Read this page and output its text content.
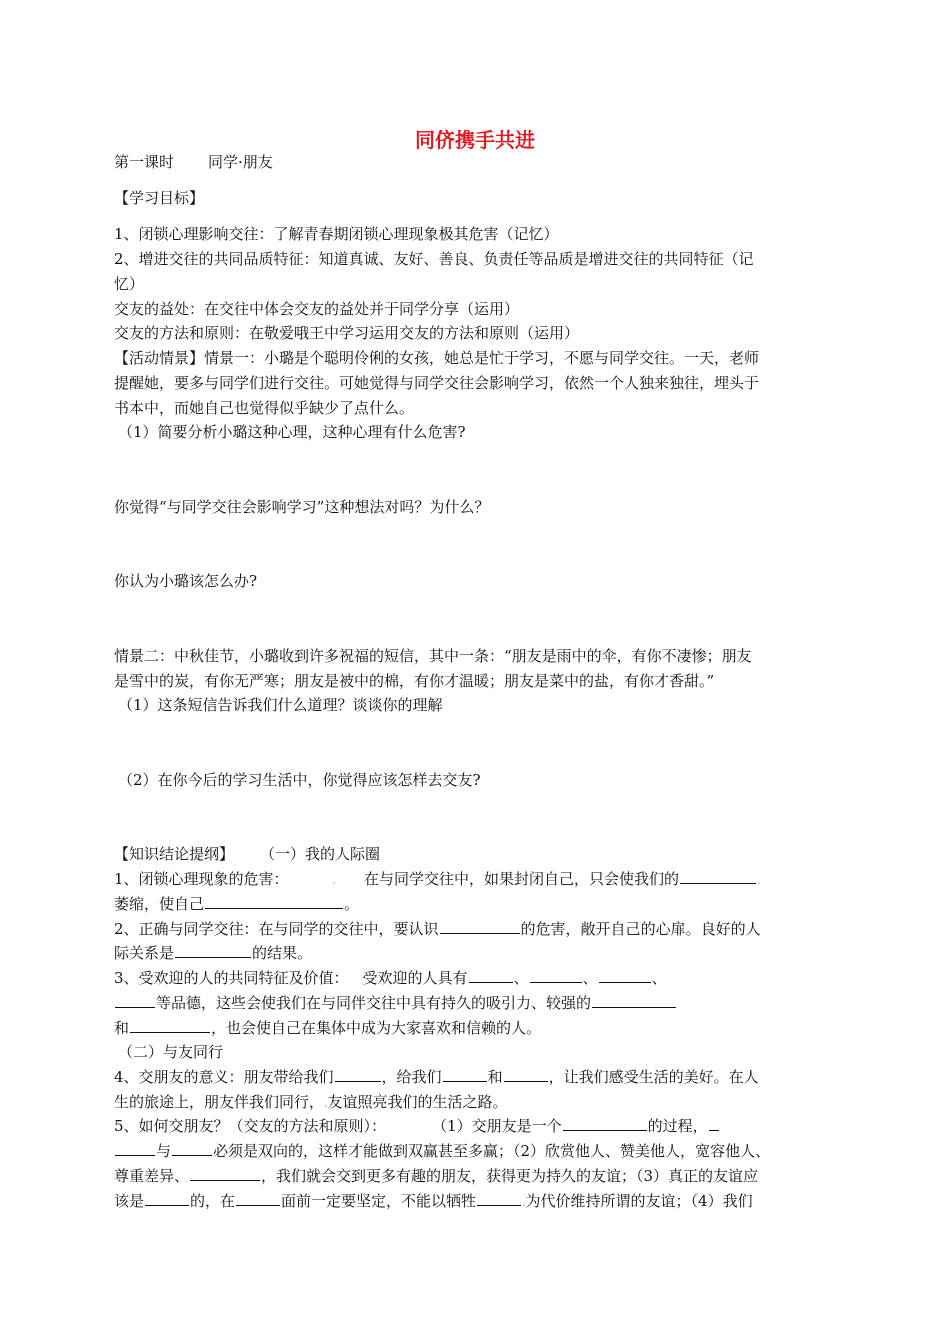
同侪携手共进
第一课时 同学·朋友
【学习目标】
1、闭锁心理影响交往：了解青春期闭锁心理现象极其危害（记忆）
2、增进交往的共同品质特征：知道真诚、友好、善良、负责任等品质是增进交往的共同特征（记
忆）
交友的益处：在交往中体会交友的益处并于同学分享（运用）
交友的方法和原则：在敬爱哦王中学习运用交友的方法和原则（运用）
【活动情景】情景一：小璐是个聪明伶俐的女孩，她总是忙于学习，不愿与同学交往。一天，老师
提醒她，要多与同学们进行交往。可她觉得与同学交往会影响学习，依然一个人独来独往，埋头于
书本中，而她自己也觉得似乎缺少了点什么。
（1）简要分析小璐这种心理，这种心理有什么危害?
你觉得“与同学交往会影响学习”这种想法对吗？为什么？
你认为小璐该怎么办?
情景二：中秋佳节，小璐收到许多祝福的短信，其中一条：“朋友是雨中的伞，有你不凄惨；朋友
是雪中的炭，有你无严寒；朋友是被中的棉，有你才温暖；朋友是菜中的盐，有你才香甜。”
（1）这条短信告诉我们什么道理？谈谈你的理解
（2）在你今后的学习生活中，你觉得应该怎样去交友?
【知识结论提纲】 （一）我的人际圈
1、闭锁心理现象的危害：	. 在与同学交往中，如果封闭自己，只会使我们的	.
萎缩，使自己	。
2、正确与同学交往：在与同学的交往中，要认识	的危害，敞开自己的心扉。良好的人
际关系是	的结果。
3、受欢迎的人的共同特征及价值： 受欢迎的人具有	、	、	、
等品德，这些会使我们在与同伴交往中具有持久的吸引力、较强的
和	，也会使自己在集体中成为大家喜欢和信赖的人。
（二）与友同行
4、交朋友的意义：朋友带给我们	，给我们	和	，让我们感受生活的美好。在人
生的旅途上，朋友伴我们同行，.友谊照亮我们的生活之路。
5、如何交朋友？（交友的方法和原则）：	（1）交朋友是一个	的过程，
与	必须是双向的，这样才能做到双赢甚至多赢；（2）欣赏他人、赞美他人，宽容他人、
尊重差异、	，我们就会交到更多有趣的朋友，获得更为持久的友谊；（3）真正的友谊应
该是	的，在	面前一定要坚定，不能以牺牲	.为代价维持所谓的友谊；（4）我们
